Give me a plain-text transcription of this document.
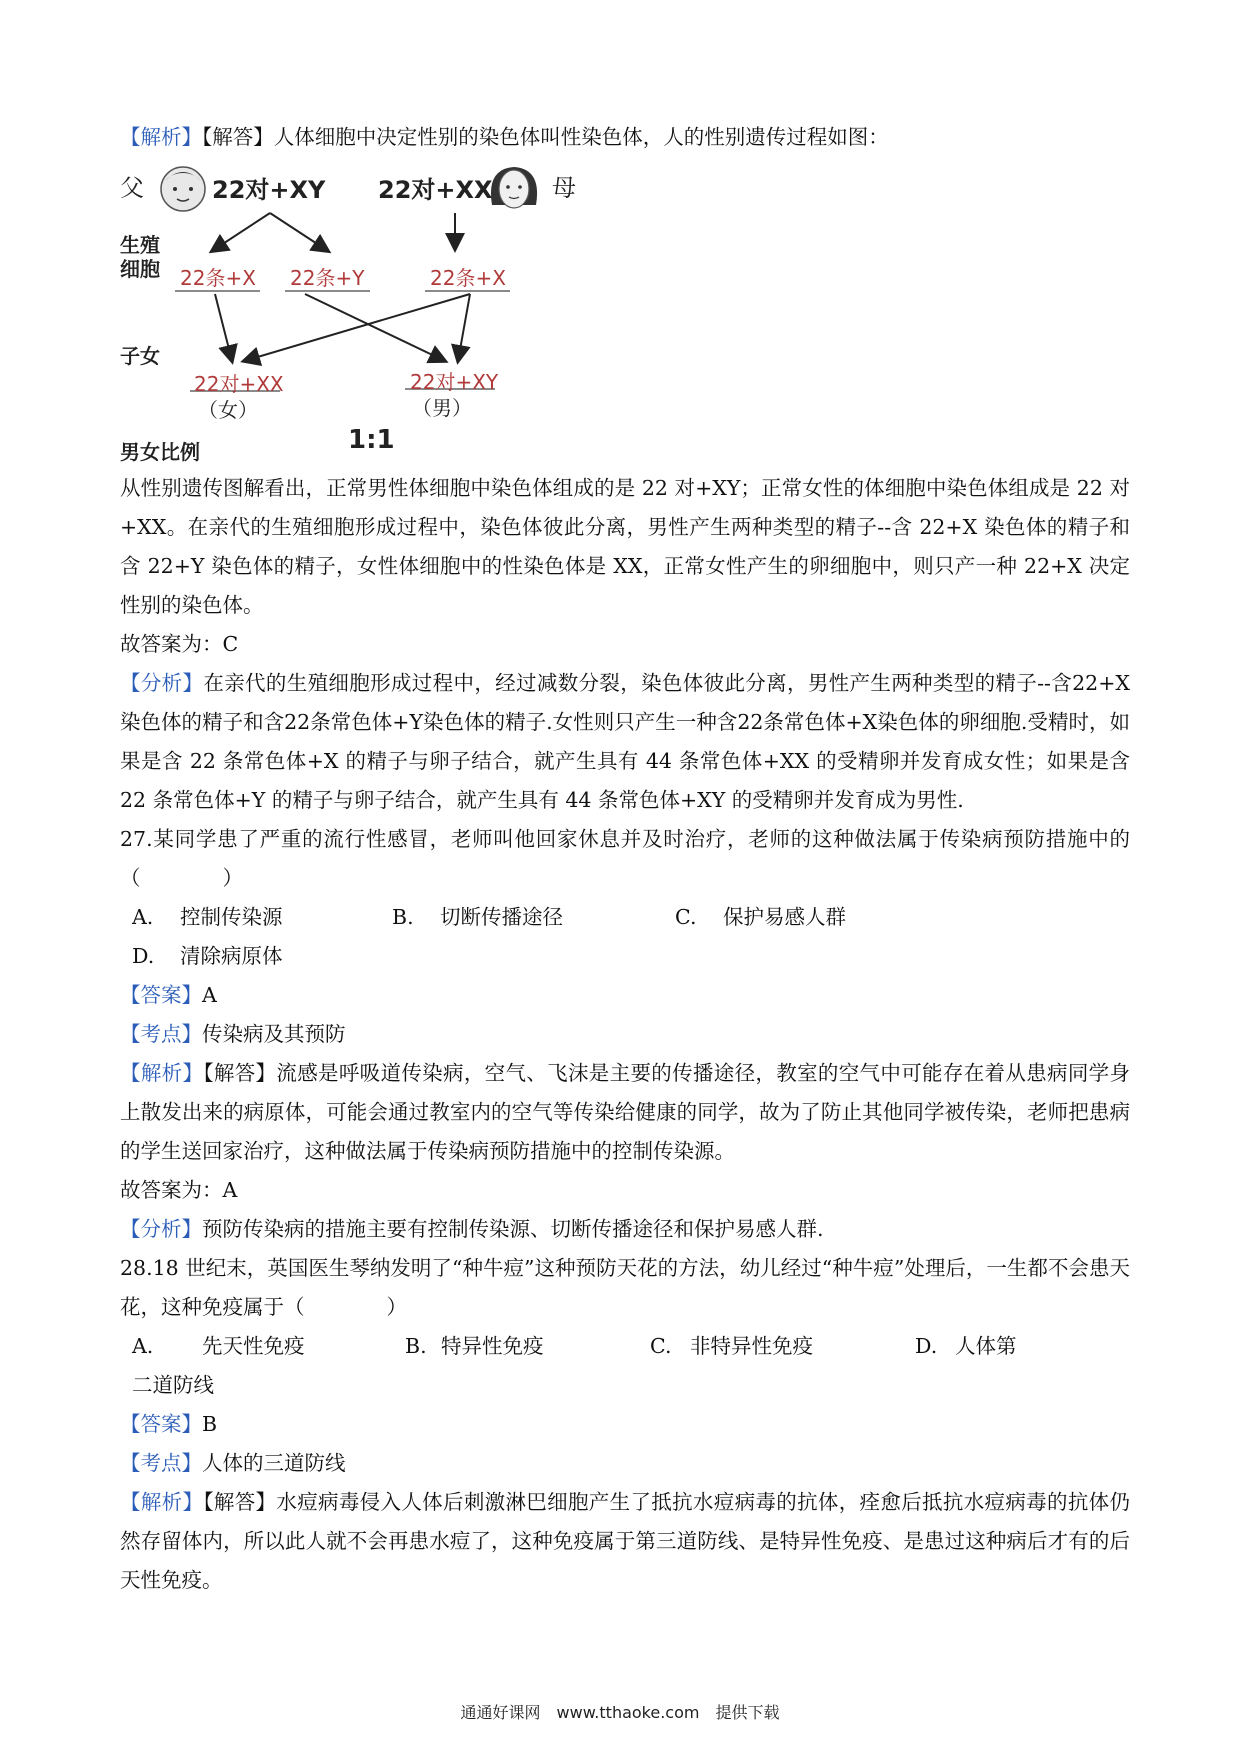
【解析】【解答】人体细胞中决定性别的染色体叫性染色体，人的性别遗传过程如图：

父	22对+XY 22对+XX 母
生殖
细胞 22条+X 22条+Y	22条+X
子女
22对+XX
（女）
22对+XY
（男）
男女比例	1:1

从性别遗传图解看出，正常男性体细胞中染色体组成的是 22 对+XY；正常女性的体细胞中染色体组成是 22 对+XX。在亲代的生殖细胞形成过程中，染色体彼此分离，男性产生两种类型的精子--含 22+X 染色体的精子和含 22+Y 染色体的精子，女性体细胞中的性染色体是 XX，正常女性产生的卵细胞中，则只产一种 22+X 决定性别的染色体。

故答案为：C

【分析】在亲代的生殖细胞形成过程中，经过减数分裂，染色体彼此分离，男性产生两种类型的精子--含22+X染色体的精子和含22条常色体+Y染色体的精子.女性则只产生一种含22条常色体+X染色体的卵细胞.受精时，如果是含 22 条常色体+X 的精子与卵子结合，就产生具有 44 条常色体+XX 的受精卵并发育成女性；如果是含 22 条常色体+Y 的精子与卵子结合，就产生具有 44 条常色体+XY 的受精卵并发育成为男性.

27.某同学患了严重的流行性感冒，老师叫他回家休息并及时治疗，老师的这种做法属于传染病预防措施中的（　　　　）

A. 控制传染源	B. 切断传播途径	C. 保护易感人群
D. 清除病原体

【答案】A

【考点】传染病及其预防

【解析】【解答】流感是呼吸道传染病，空气、飞沫是主要的传播途径，教室的空气中可能存在着从患病同学身上散发出来的病原体，可能会通过教室内的空气等传染给健康的同学，故为了防止其他同学被传染，老师把患病的学生送回家治疗，这种做法属于传染病预防措施中的控制传染源。

故答案为：A

【分析】预防传染病的措施主要有控制传染源、切断传播途径和保护易感人群.

28.18 世纪末，英国医生琴纳发明了“种牛痘”这种预防天花的方法，幼儿经过“种牛痘”处理后，一生都不会患天花，这种免疫属于（　　　　）

A. 先天性免疫	B. 特异性免疫	C. 非特异性免疫	D. 人体第
二道防线

【答案】B

【考点】人体的三道防线

【解析】【解答】水痘病毒侵入人体后刺激淋巴细胞产生了抵抗水痘病毒的抗体，痊愈后抵抗水痘病毒的抗体仍然存留体内，所以此人就不会再患水痘了，这种免疫属于第三道防线、是特异性免疫、是患过这种病后才有的后天性免疫。

通通好课网　www.tthaoke.com　提供下载
